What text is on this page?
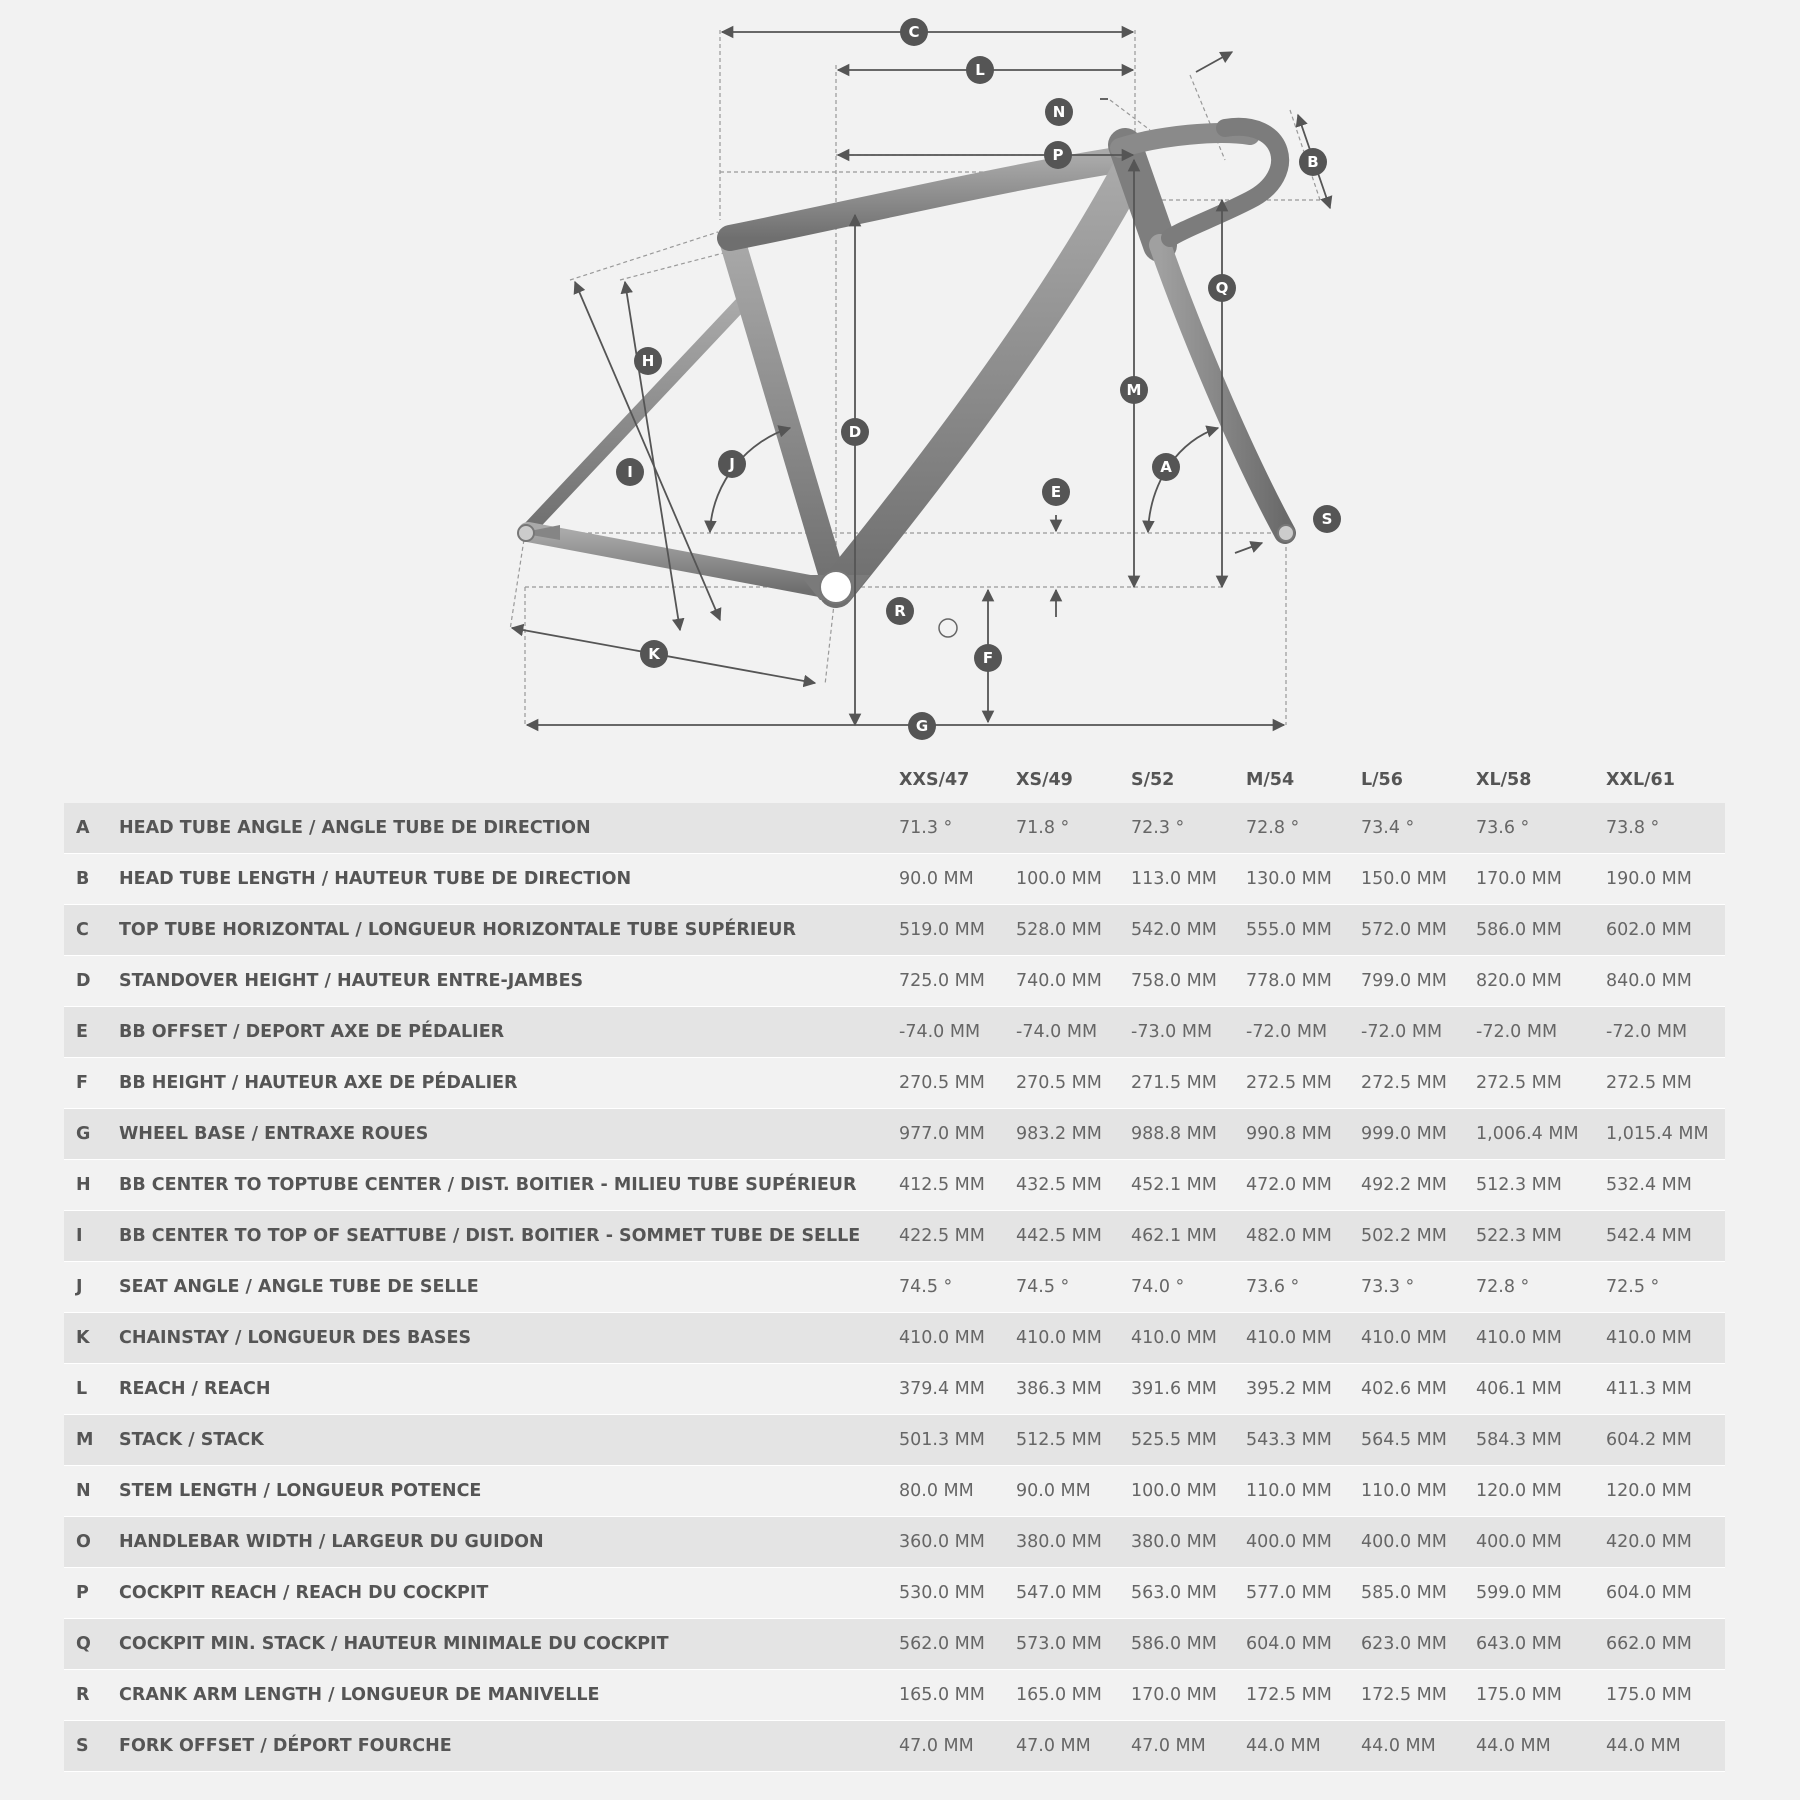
C
L
N
P	B
Q
M
A
E
D
H
I	J
R
F
K
G
S
		XXS/47	XS/49	S/52	M/54	L/56	XL/58	XXL/61
A	HEAD TUBE ANGLE / ANGLE TUBE DE DIRECTION	71.3 °	71.8 °	72.3 °	72.8 °	73.4 °	73.6 °	73.8 °
B	HEAD TUBE LENGTH / HAUTEUR TUBE DE DIRECTION	90.0 MM	100.0 MM	113.0 MM	130.0 MM	150.0 MM	170.0 MM	190.0 MM
C	TOP TUBE HORIZONTAL / LONGUEUR HORIZONTALE TUBE SUPÉRIEUR	519.0 MM	528.0 MM	542.0 MM	555.0 MM	572.0 MM	586.0 MM	602.0 MM
D	STANDOVER HEIGHT / HAUTEUR ENTRE-JAMBES	725.0 MM	740.0 MM	758.0 MM	778.0 MM	799.0 MM	820.0 MM	840.0 MM
E	BB OFFSET / DEPORT AXE DE PÉDALIER	-74.0 MM	-74.0 MM	-73.0 MM	-72.0 MM	-72.0 MM	-72.0 MM	-72.0 MM
F	BB HEIGHT / HAUTEUR AXE DE PÉDALIER	270.5 MM	270.5 MM	271.5 MM	272.5 MM	272.5 MM	272.5 MM	272.5 MM
G	WHEEL BASE / ENTRAXE ROUES	977.0 MM	983.2 MM	988.8 MM	990.8 MM	999.0 MM	1,006.4 MM	1,015.4 MM
H	BB CENTER TO TOPTUBE CENTER / DIST. BOITIER - MILIEU TUBE SUPÉRIEUR	412.5 MM	432.5 MM	452.1 MM	472.0 MM	492.2 MM	512.3 MM	532.4 MM
I	BB CENTER TO TOP OF SEATTUBE / DIST. BOITIER - SOMMET TUBE DE SELLE	422.5 MM	442.5 MM	462.1 MM	482.0 MM	502.2 MM	522.3 MM	542.4 MM
J	SEAT ANGLE / ANGLE TUBE DE SELLE	74.5 °	74.5 °	74.0 °	73.6 °	73.3 °	72.8 °	72.5 °
K	CHAINSTAY / LONGUEUR DES BASES	410.0 MM	410.0 MM	410.0 MM	410.0 MM	410.0 MM	410.0 MM	410.0 MM
L	REACH / REACH	379.4 MM	386.3 MM	391.6 MM	395.2 MM	402.6 MM	406.1 MM	411.3 MM
M	STACK / STACK	501.3 MM	512.5 MM	525.5 MM	543.3 MM	564.5 MM	584.3 MM	604.2 MM
N	STEM LENGTH / LONGUEUR POTENCE	80.0 MM	90.0 MM	100.0 MM	110.0 MM	110.0 MM	120.0 MM	120.0 MM
O	HANDLEBAR WIDTH / LARGEUR DU GUIDON	360.0 MM	380.0 MM	380.0 MM	400.0 MM	400.0 MM	400.0 MM	420.0 MM
P	COCKPIT REACH / REACH DU COCKPIT	530.0 MM	547.0 MM	563.0 MM	577.0 MM	585.0 MM	599.0 MM	604.0 MM
Q	COCKPIT MIN. STACK / HAUTEUR MINIMALE DU COCKPIT	562.0 MM	573.0 MM	586.0 MM	604.0 MM	623.0 MM	643.0 MM	662.0 MM
R	CRANK ARM LENGTH / LONGUEUR DE MANIVELLE	165.0 MM	165.0 MM	170.0 MM	172.5 MM	172.5 MM	175.0 MM	175.0 MM
S	FORK OFFSET / DÉPORT FOURCHE	47.0 MM	47.0 MM	47.0 MM	44.0 MM	44.0 MM	44.0 MM	44.0 MM
